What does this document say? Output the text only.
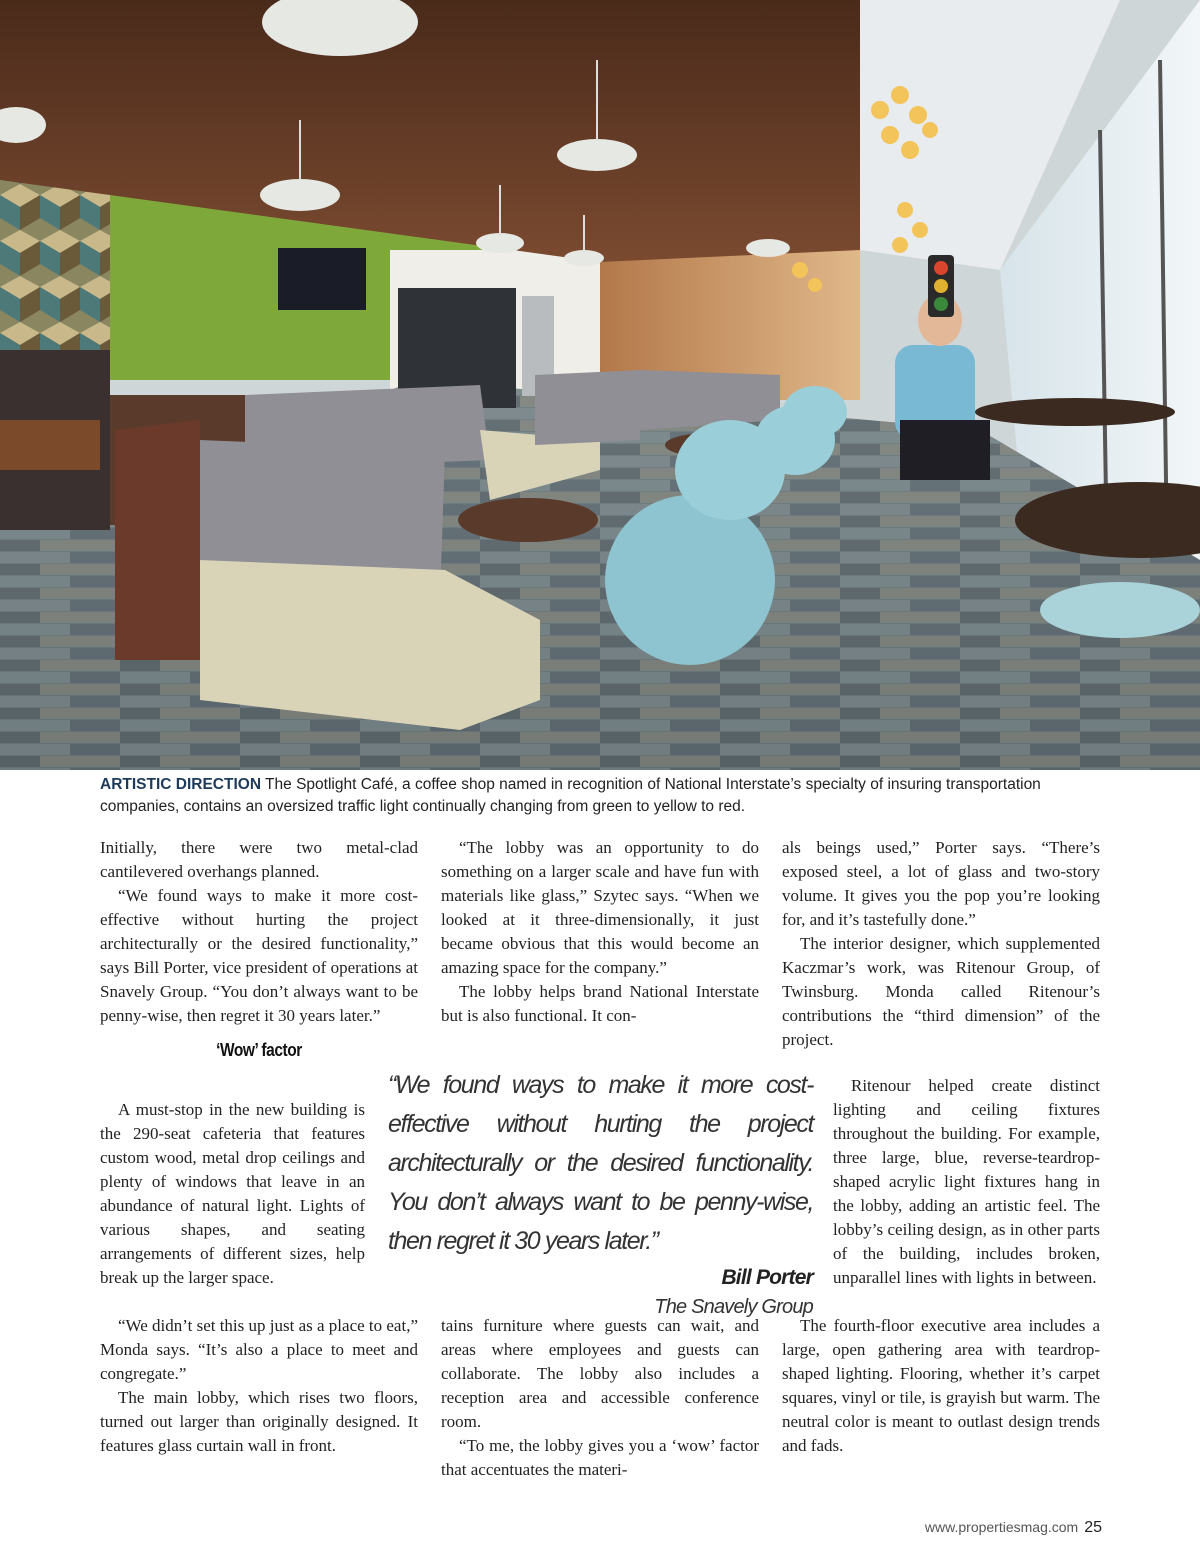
ARTISTIC DIRECTION The Spotlight Café, a coffee shop named in recognition of National Interstate’s specialty of insuring transportation companies, contains an oversized traffic light continually changing from green to yellow to red.

Initially, there were two metal-clad cantilevered overhangs planned.

“We found ways to make it more cost-effective without hurting the project architecturally or the desired functionality,” says Bill Porter, vice president of operations at Snavely Group. “You don’t always want to be penny-wise, then regret it 30 years later.”

‘Wow’ factor

A must-stop in the new building is the 290-seat cafeteria that features custom wood, metal drop ceilings and plenty of windows that leave in an abundance of natural light. Lights of various shapes, and seating arrangements of different sizes, help break up the larger space.

“We didn’t set this up just as a place to eat,” Monda says. “It’s also a place to meet and congregate.”

The main lobby, which rises two floors, turned out larger than originally designed. It features glass curtain wall in front.

“The lobby was an opportunity to do something on a larger scale and have fun with materials like glass,” Szytec says. “When we looked at it three-dimensionally, it just became obvious that this would become an amazing space for the company.”

The lobby helps brand National Interstate but is also functional. It con-

tains furniture where guests can wait, and areas where employees and guests can collaborate. The lobby also includes a reception area and accessible conference room.

“To me, the lobby gives you a ‘wow’ factor that accentuates the materi-

als beings used,” Porter says. “There’s exposed steel, a lot of glass and two-story volume. It gives you the pop you’re looking for, and it’s tastefully done.”

The interior designer, which supplemented Kaczmar’s work, was Ritenour Group, of Twinsburg. Monda called Ritenour’s contributions the “third dimension” of the project.

Ritenour helped create distinct lighting and ceiling fixtures throughout the building. For example, three large, blue, reverse-teardrop-shaped acrylic light fixtures hang in the lobby, adding an artistic feel. The lobby’s ceiling design, as in other parts of the building, includes broken, unparallel lines with lights in between.

The fourth-floor executive area includes a large, open gathering area with teardrop-shaped lighting. Flooring, whether it’s carpet squares, vinyl or tile, is grayish but warm. The neutral color is meant to outlast design trends and fads.

“We found ways to make it more cost-effective without hurting the project architecturally or the desired functionality. You don’t always want to be penny-wise, then regret it 30 years later.”
Bill Porter
The Snavely Group
www.propertiesmag.com 25
